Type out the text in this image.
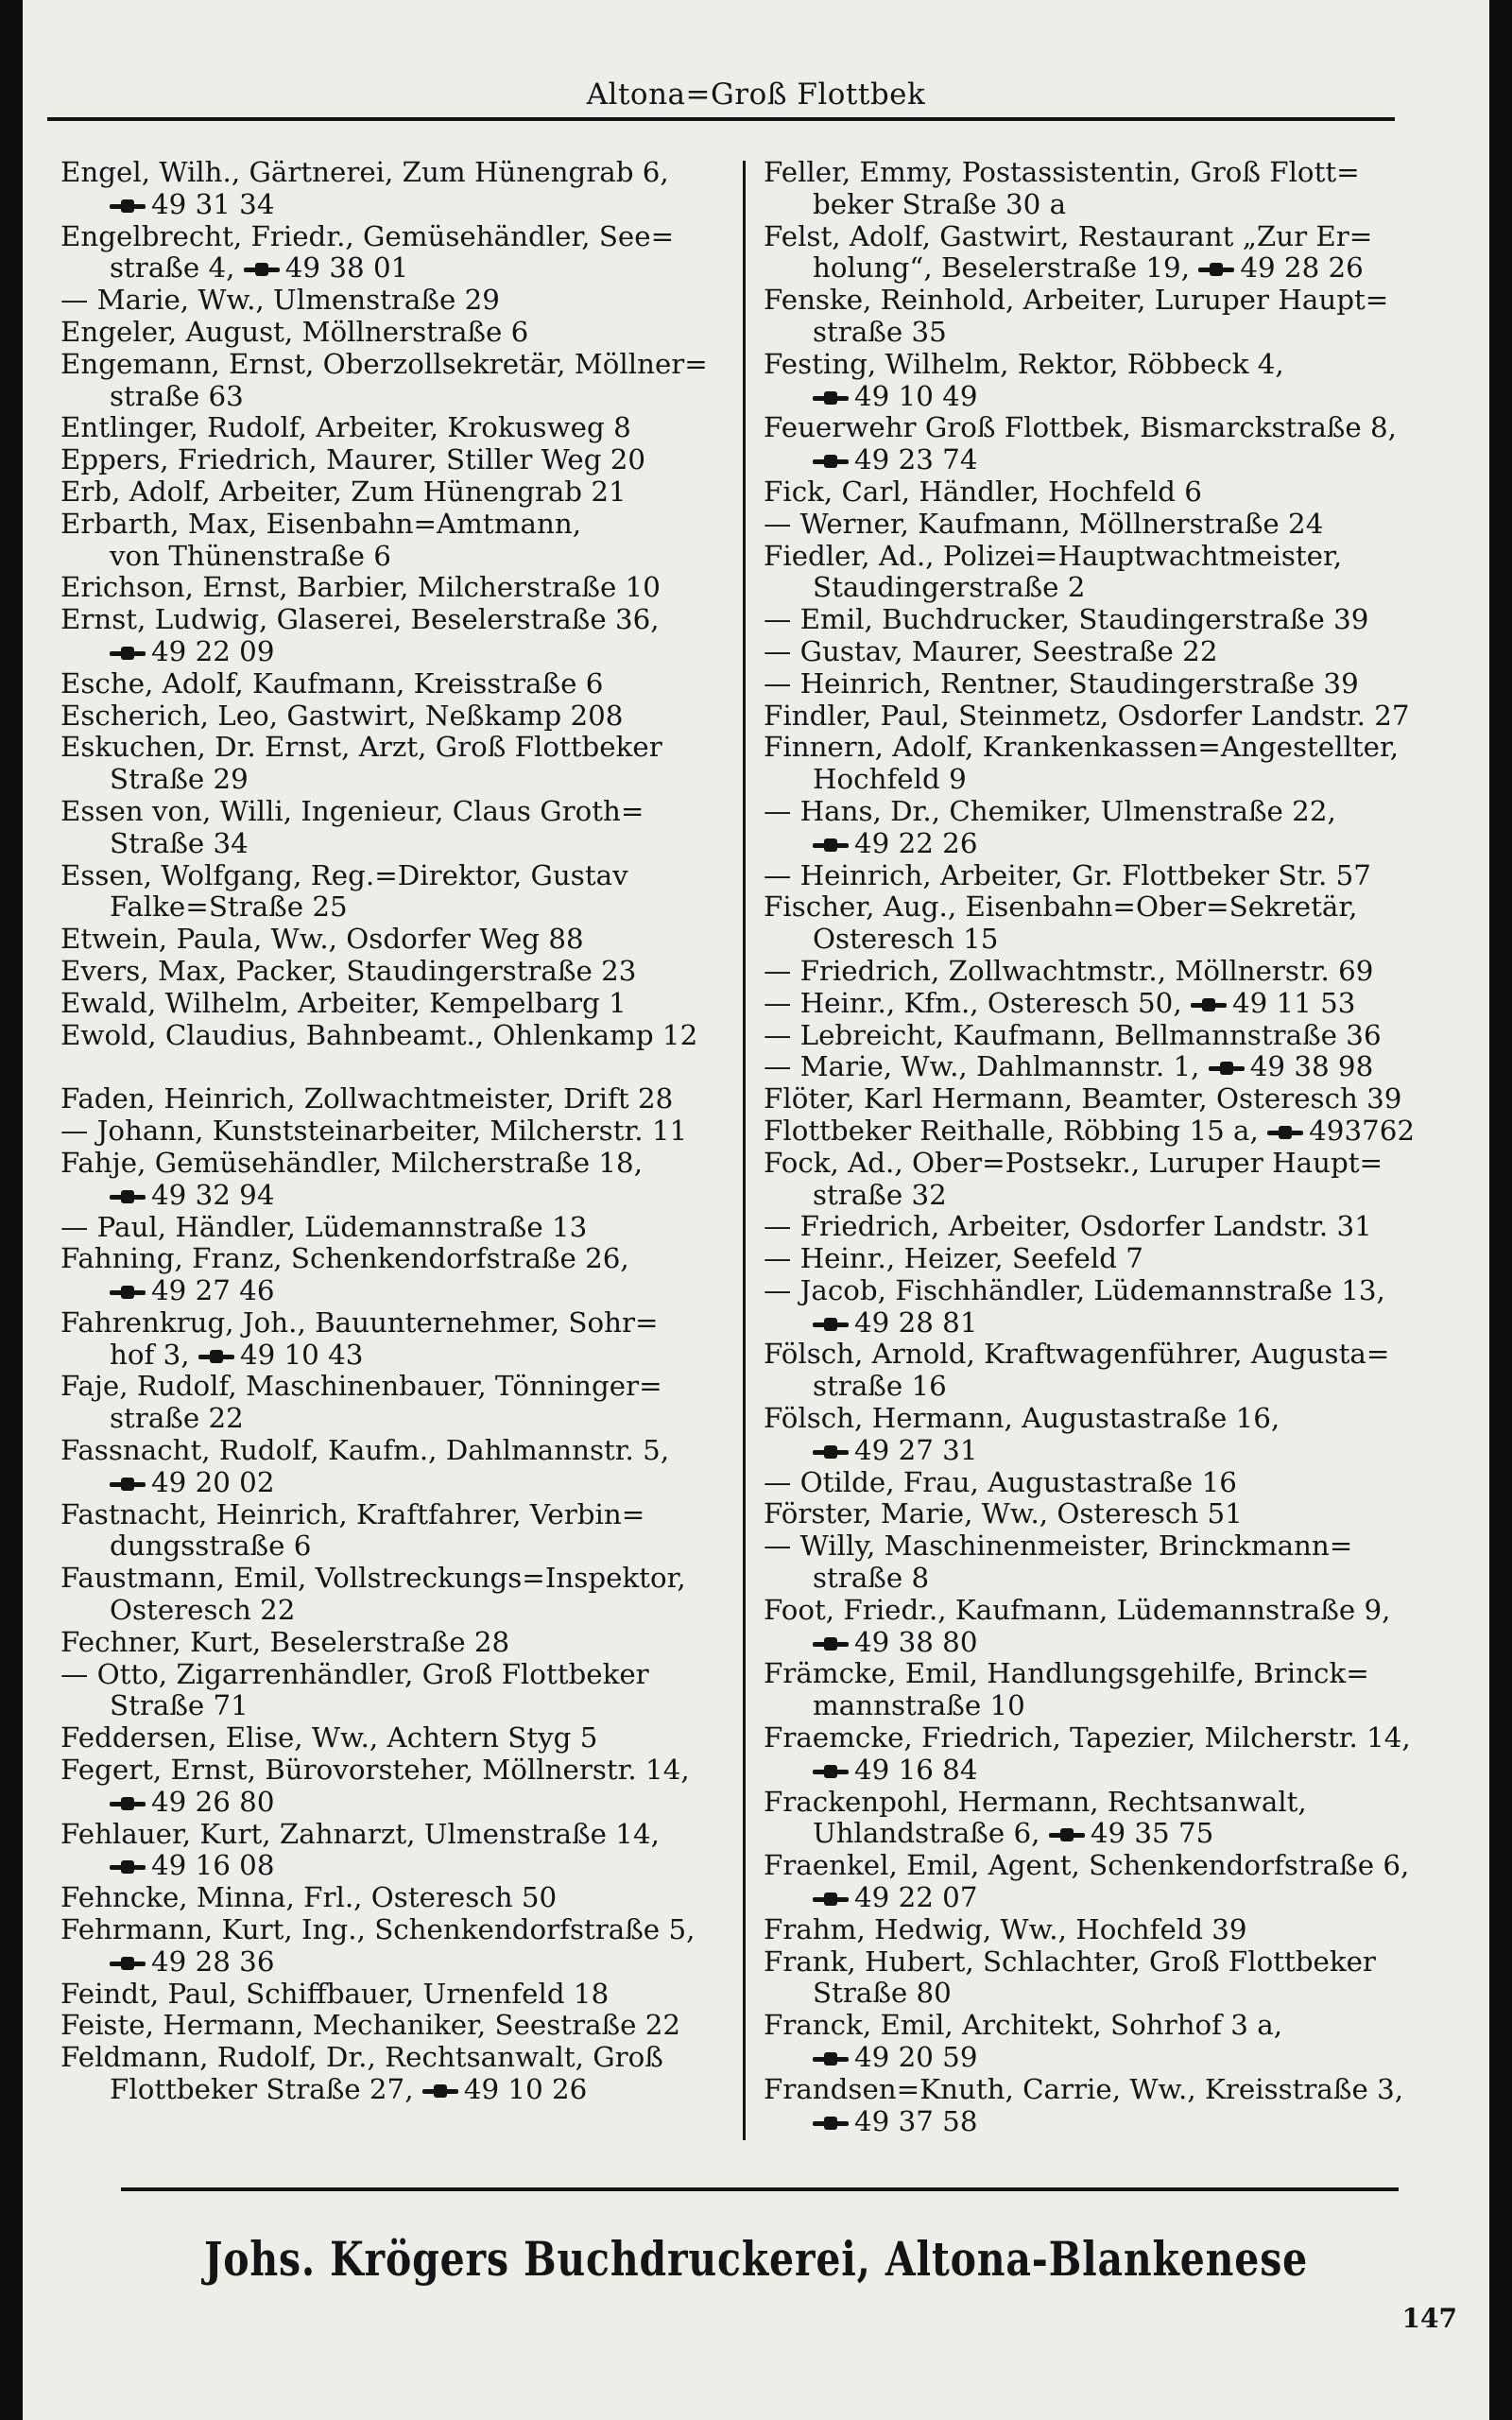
Altona=Groß Flottbek
Engel, Wilh., Gärtnerei, Zum Hünengrab 6,
49 31 34
Engelbrecht, Friedr., Gemüsehändler, See=
straße 4, 49 38 01
— Marie, Ww., Ulmenstraße 29
Engeler, August, Möllnerstraße 6
Engemann, Ernst, Oberzollsekretär, Möllner=
straße 63
Entlinger, Rudolf, Arbeiter, Krokusweg 8
Eppers, Friedrich, Maurer, Stiller Weg 20
Erb, Adolf, Arbeiter, Zum Hünengrab 21
Erbarth, Max, Eisenbahn=Amtmann,
von Thünenstraße 6
Erichson, Ernst, Barbier, Milcherstraße 10
Ernst, Ludwig, Glaserei, Beselerstraße 36,
49 22 09
Esche, Adolf, Kaufmann, Kreisstraße 6
Escherich, Leo, Gastwirt, Neßkamp 208
Eskuchen, Dr. Ernst, Arzt, Groß Flottbeker
Straße 29
Essen von, Willi, Ingenieur, Claus Groth=
Straße 34
Essen, Wolfgang, Reg.=Direktor, Gustav
Falke=Straße 25
Etwein, Paula, Ww., Osdorfer Weg 88
Evers, Max, Packer, Staudingerstraße 23
Ewald, Wilhelm, Arbeiter, Kempelbarg 1
Ewold, Claudius, Bahnbeamt., Ohlenkamp 12
Faden, Heinrich, Zollwachtmeister, Drift 28
— Johann, Kunststeinarbeiter, Milcherstr. 11
Fahje, Gemüsehändler, Milcherstraße 18,
49 32 94
— Paul, Händler, Lüdemannstraße 13
Fahning, Franz, Schenkendorfstraße 26,
49 27 46
Fahrenkrug, Joh., Bauunternehmer, Sohr=
hof 3, 49 10 43
Faje, Rudolf, Maschinenbauer, Tönninger=
straße 22
Fassnacht, Rudolf, Kaufm., Dahlmannstr. 5,
49 20 02
Fastnacht, Heinrich, Kraftfahrer, Verbin=
dungsstraße 6
Faustmann, Emil, Vollstreckungs=Inspektor,
Osteresch 22
Fechner, Kurt, Beselerstraße 28
— Otto, Zigarrenhändler, Groß Flottbeker
Straße 71
Feddersen, Elise, Ww., Achtern Styg 5
Fegert, Ernst, Bürovorsteher, Möllnerstr. 14,
49 26 80
Fehlauer, Kurt, Zahnarzt, Ulmenstraße 14,
49 16 08
Fehncke, Minna, Frl., Osteresch 50
Fehrmann, Kurt, Ing., Schenkendorfstraße 5,
49 28 36
Feindt, Paul, Schiffbauer, Urnenfeld 18
Feiste, Hermann, Mechaniker, Seestraße 22
Feldmann, Rudolf, Dr., Rechtsanwalt, Groß
Flottbeker Straße 27, 49 10 26
Feller, Emmy, Postassistentin, Groß Flott=
beker Straße 30 a
Felst, Adolf, Gastwirt, Restaurant „Zur Er=
holung“, Beselerstraße 19, 49 28 26
Fenske, Reinhold, Arbeiter, Luruper Haupt=
straße 35
Festing, Wilhelm, Rektor, Röbbeck 4,
49 10 49
Feuerwehr Groß Flottbek, Bismarckstraße 8,
49 23 74
Fick, Carl, Händler, Hochfeld 6
— Werner, Kaufmann, Möllnerstraße 24
Fiedler, Ad., Polizei=Hauptwachtmeister,
Staudingerstraße 2
— Emil, Buchdrucker, Staudingerstraße 39
— Gustav, Maurer, Seestraße 22
— Heinrich, Rentner, Staudingerstraße 39
Findler, Paul, Steinmetz, Osdorfer Landstr. 27
Finnern, Adolf, Krankenkassen=Angestellter,
Hochfeld 9
— Hans, Dr., Chemiker, Ulmenstraße 22,
49 22 26
— Heinrich, Arbeiter, Gr. Flottbeker Str. 57
Fischer, Aug., Eisenbahn=Ober=Sekretär,
Osteresch 15
— Friedrich, Zollwachtmstr., Möllnerstr. 69
— Heinr., Kfm., Osteresch 50, 49 11 53
— Lebreicht, Kaufmann, Bellmannstraße 36
— Marie, Ww., Dahlmannstr. 1, 49 38 98
Flöter, Karl Hermann, Beamter, Osteresch 39
Flottbeker Reithalle, Röbbing 15 a, 493762
Fock, Ad., Ober=Postsekr., Luruper Haupt=
straße 32
— Friedrich, Arbeiter, Osdorfer Landstr. 31
— Heinr., Heizer, Seefeld 7
— Jacob, Fischhändler, Lüdemannstraße 13,
49 28 81
Fölsch, Arnold, Kraftwagenführer, Augusta=
straße 16
Fölsch, Hermann, Augustastraße 16,
49 27 31
— Otilde, Frau, Augustastraße 16
Förster, Marie, Ww., Osteresch 51
— Willy, Maschinenmeister, Brinckmann=
straße 8
Foot, Friedr., Kaufmann, Lüdemannstraße 9,
49 38 80
Främcke, Emil, Handlungsgehilfe, Brinck=
mannstraße 10
Fraemcke, Friedrich, Tapezier, Milcherstr. 14,
49 16 84
Frackenpohl, Hermann, Rechtsanwalt,
Uhlandstraße 6, 49 35 75
Fraenkel, Emil, Agent, Schenkendorfstraße 6,
49 22 07
Frahm, Hedwig, Ww., Hochfeld 39
Frank, Hubert, Schlachter, Groß Flottbeker
Straße 80
Franck, Emil, Architekt, Sohrhof 3 a,
49 20 59
Frandsen=Knuth, Carrie, Ww., Kreisstraße 3,
49 37 58
Johs. Krögers Buchdruckerei, Altona-Blankenese
147
